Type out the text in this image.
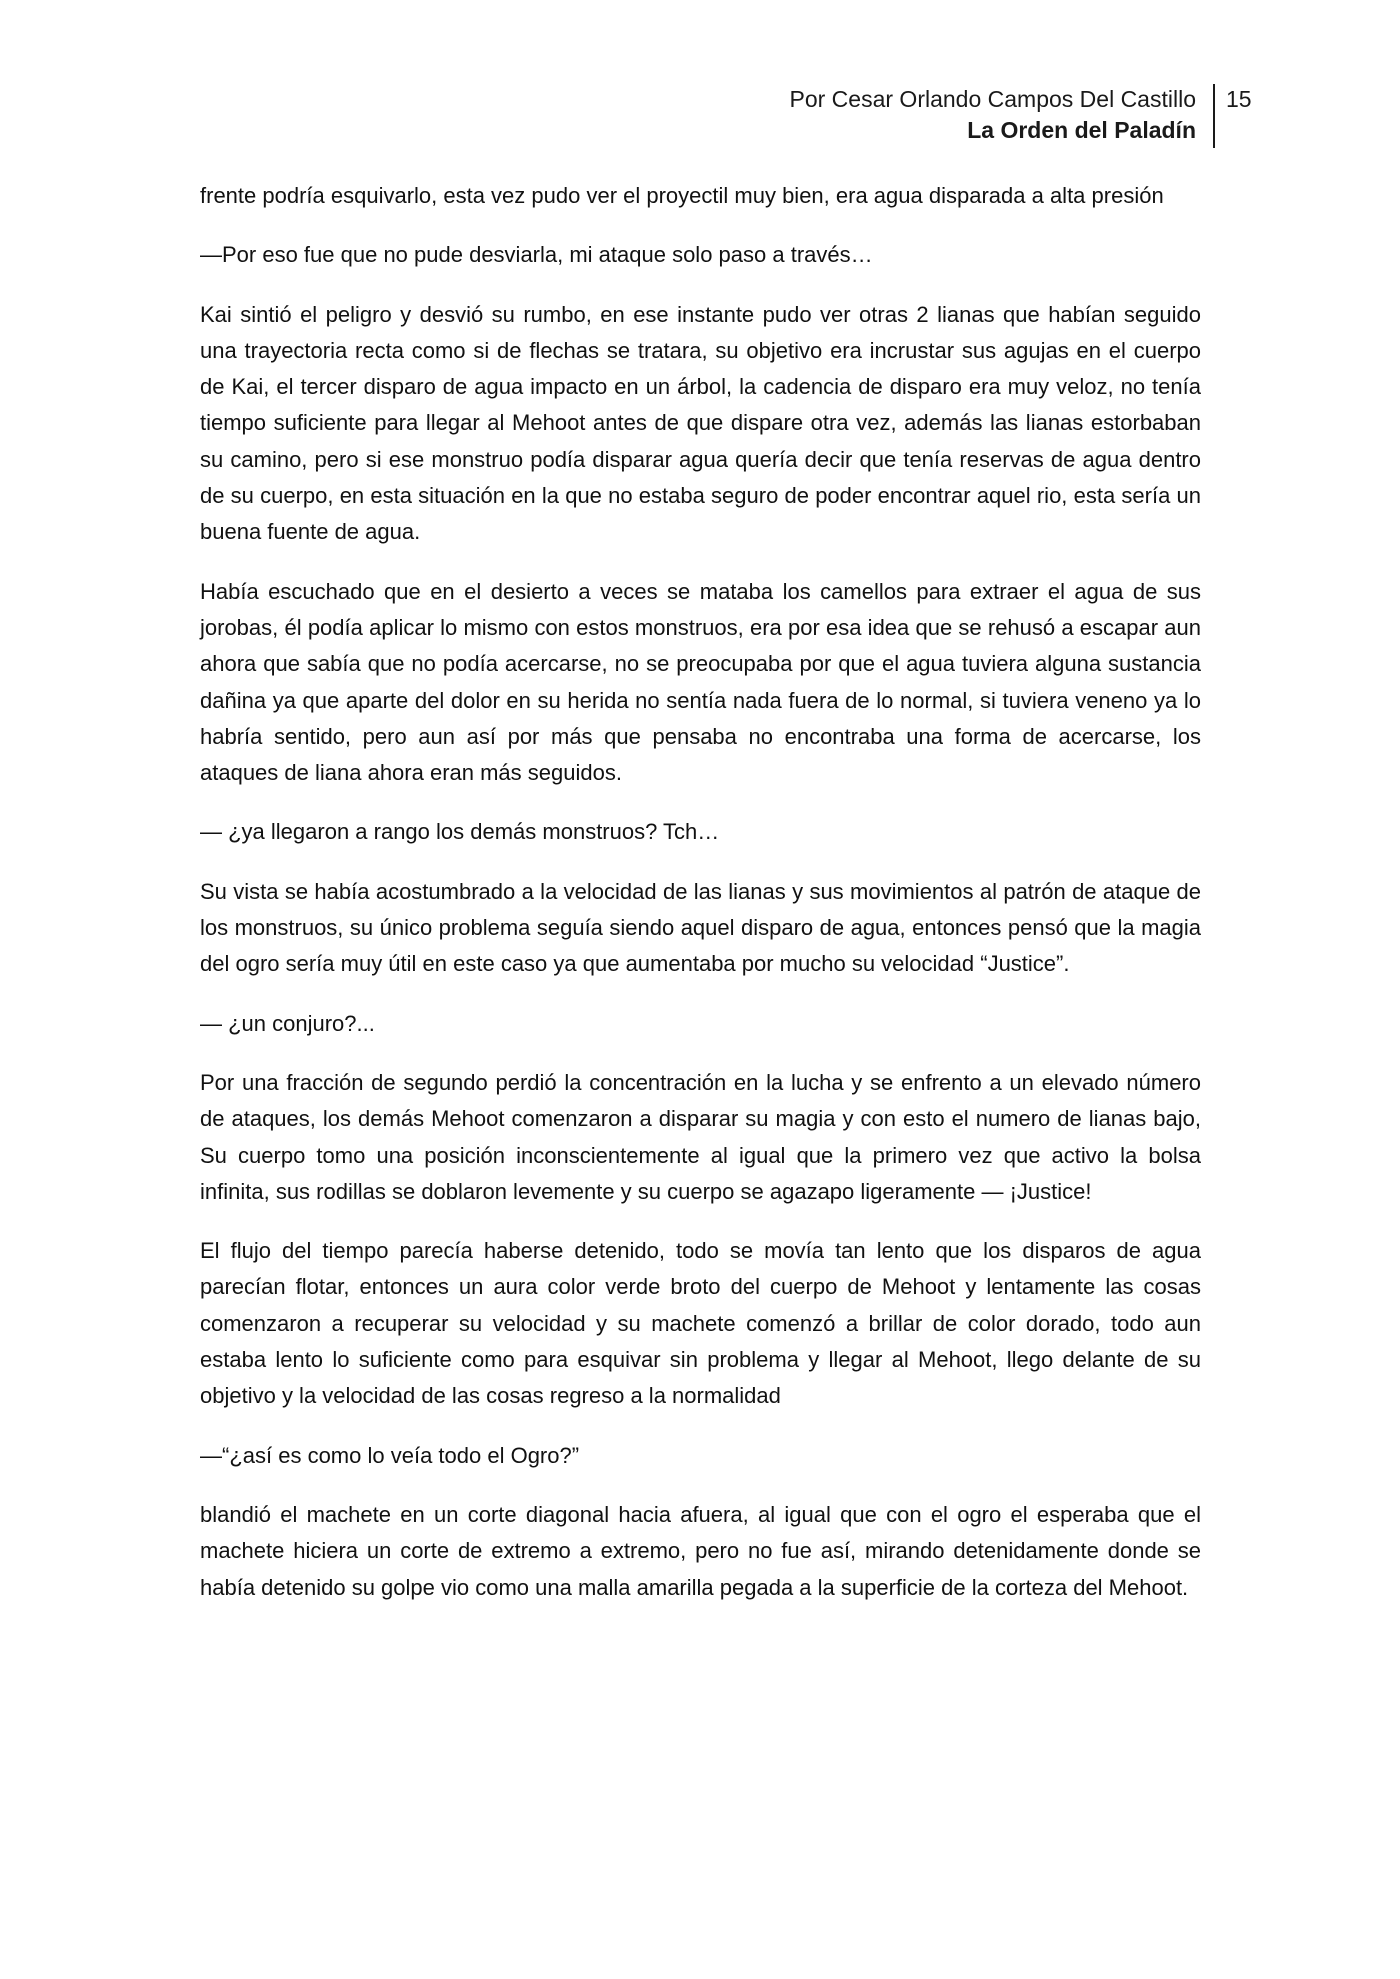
Por Cesar Orlando Campos Del Castillo
La Orden del Paladín
15

frente podría esquivarlo, esta vez pudo ver el proyectil muy bien, era agua disparada a alta presión

—Por eso fue que no pude desviarla, mi ataque solo paso a través…

Kai sintió el peligro y desvió su rumbo, en ese instante pudo ver otras 2 lianas que habían seguido una trayectoria recta como si de flechas se tratara, su objetivo era incrustar sus agujas en el cuerpo de Kai, el tercer disparo de agua impacto en un árbol, la cadencia de disparo era muy veloz, no tenía tiempo suficiente para llegar al Mehoot antes de que dispare otra vez, además las lianas estorbaban su camino, pero si ese monstruo podía disparar agua quería decir que tenía reservas de agua dentro de su cuerpo, en esta situación en la que no estaba seguro de poder encontrar aquel rio, esta sería un buena fuente de agua.

Había escuchado que en el desierto a veces se mataba los camellos para extraer el agua de sus jorobas, él podía aplicar lo mismo con estos monstruos, era por esa idea que se rehusó a escapar aun ahora que sabía que no podía acercarse, no se preocupaba por que el agua tuviera alguna sustancia dañina ya que aparte del dolor en su herida no sentía nada fuera de lo normal, si tuviera veneno ya lo habría sentido, pero aun así por más que pensaba no encontraba una forma de acercarse, los ataques de liana ahora eran más seguidos.

— ¿ya llegaron a rango los demás monstruos? Tch…

Su vista se había acostumbrado a la velocidad de las lianas y sus movimientos al patrón de ataque de los monstruos, su único problema seguía siendo aquel disparo de agua, entonces pensó que la magia del ogro sería muy útil en este caso ya que aumentaba por mucho su velocidad “Justice”.

— ¿un conjuro?...

Por una fracción de segundo perdió la concentración en la lucha y se enfrento a un elevado número de ataques, los demás Mehoot comenzaron a disparar su magia y con esto el numero de lianas bajo, Su cuerpo tomo una posición inconscientemente al igual que la primero vez que activo la bolsa infinita, sus rodillas se doblaron levemente y su cuerpo se agazapo ligeramente — ¡Justice!

El flujo del tiempo parecía haberse detenido, todo se movía tan lento que los disparos de agua parecían flotar, entonces un aura color verde broto del cuerpo de Mehoot y lentamente las cosas comenzaron a recuperar su velocidad y su machete comenzó a brillar de color dorado, todo aun estaba lento lo suficiente como para esquivar sin problema y llegar al Mehoot, llego delante de su objetivo y la velocidad de las cosas regreso a la normalidad

—“¿así es como lo veía todo el Ogro?”

blandió el machete en un corte diagonal hacia afuera, al igual que con el ogro el esperaba que el machete hiciera un corte de extremo a extremo, pero no fue así, mirando detenidamente donde se había detenido su golpe vio como una malla amarilla pegada a la superficie de la corteza del Mehoot.
